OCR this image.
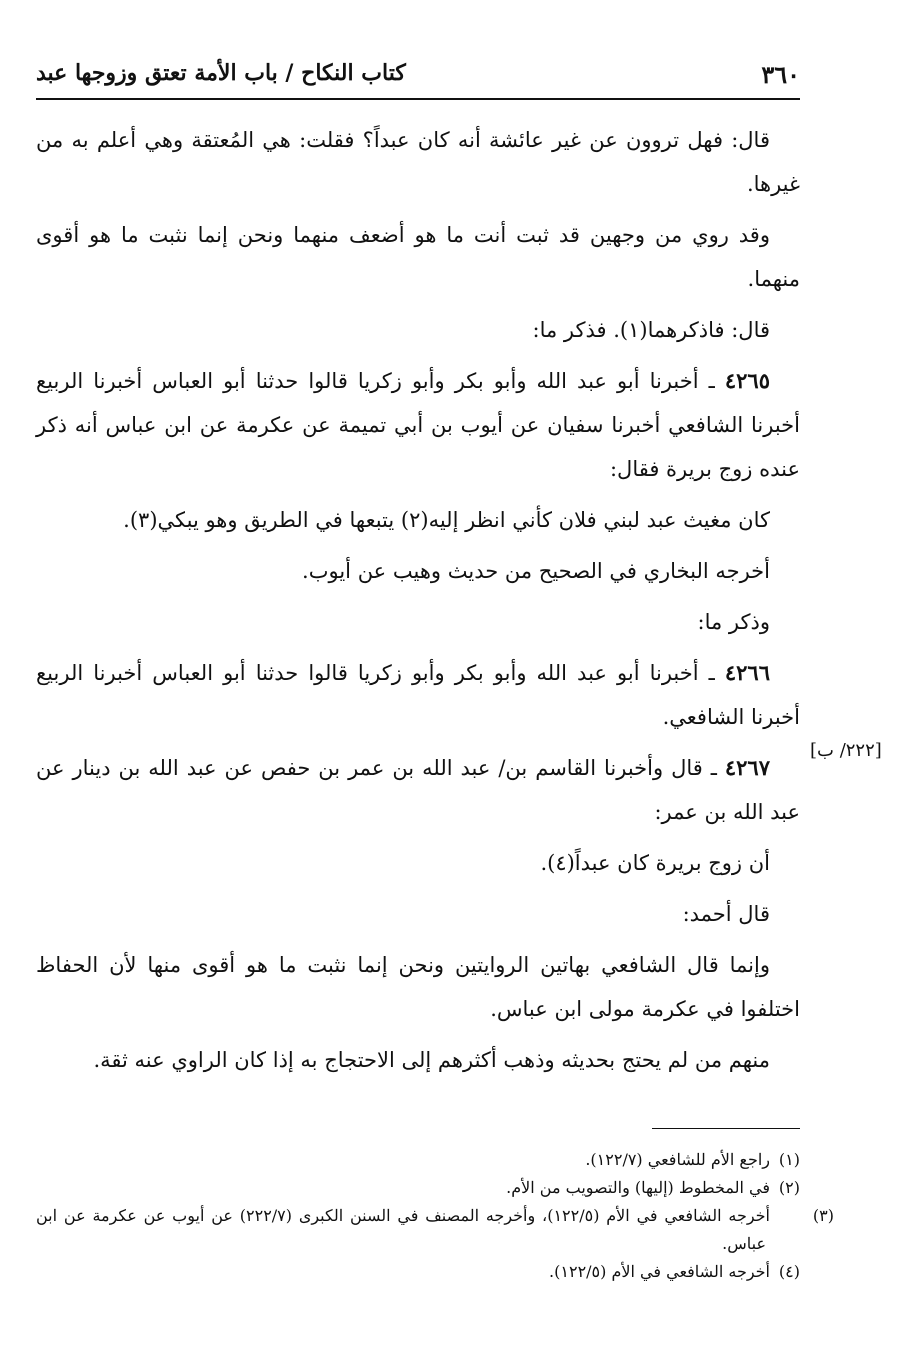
٣٦٠
كتاب النكاح / باب الأمة تعتق وزوجها عبد

قال: فهل تروون عن غير عائشة أنه كان عبداً؟ فقلت: هي المُعتقة وهي أعلم به من غيرها.

وقد روي من وجهين قد ثبت أنت ما هو أضعف منهما ونحن إنما نثبت ما هو أقوى منهما.

قال: فاذكرهما(١). فذكر ما:

٤٢٦٥ ـ أخبرنا أبو عبد الله وأبو بكر وأبو زكريا قالوا حدثنا أبو العباس أخبرنا الربيع أخبرنا الشافعي أخبرنا سفيان عن أيوب بن أبي تميمة عن عكرمة عن ابن عباس أنه ذكر عنده زوج بريرة فقال:

كان مغيث عبد لبني فلان كأني انظر إليه(٢) يتبعها في الطريق وهو يبكي(٣).

أخرجه البخاري في الصحيح من حديث وهيب عن أيوب.

وذكر ما:

٤٢٦٦ ـ أخبرنا أبو عبد الله وأبو بكر وأبو زكريا قالوا حدثنا أبو العباس أخبرنا الربيع أخبرنا الشافعي.

٤٢٦٧ ـ قال وأخبرنا القاسم بن/ عبد الله بن عمر بن حفص عن عبد الله بن دينار عن عبد الله بن عمر:

أن زوج بريرة كان عبداً(٤).

قال أحمد:

وإنما قال الشافعي بهاتين الروايتين ونحن إنما نثبت ما هو أقوى منها لأن الحفاظ اختلفوا في عكرمة مولى ابن عباس.

منهم من لم يحتج بحديثه وذهب أكثرهم إلى الاحتجاج به إذا كان الراوي عنه ثقة.

[٢٢٢/ ب]

(١)راجع الأم للشافعي (١٢٢/٧).

(٢)في المخطوط (إليها) والتصويب من الأم.

(٣)أخرجه الشافعي في الأم (١٢٢/٥)، وأخرجه المصنف في السنن الكبرى (٢٢٢/٧) عن أيوب عن عكرمة عن ابن عباس.

(٤)أخرجه الشافعي في الأم (١٢٢/٥).
